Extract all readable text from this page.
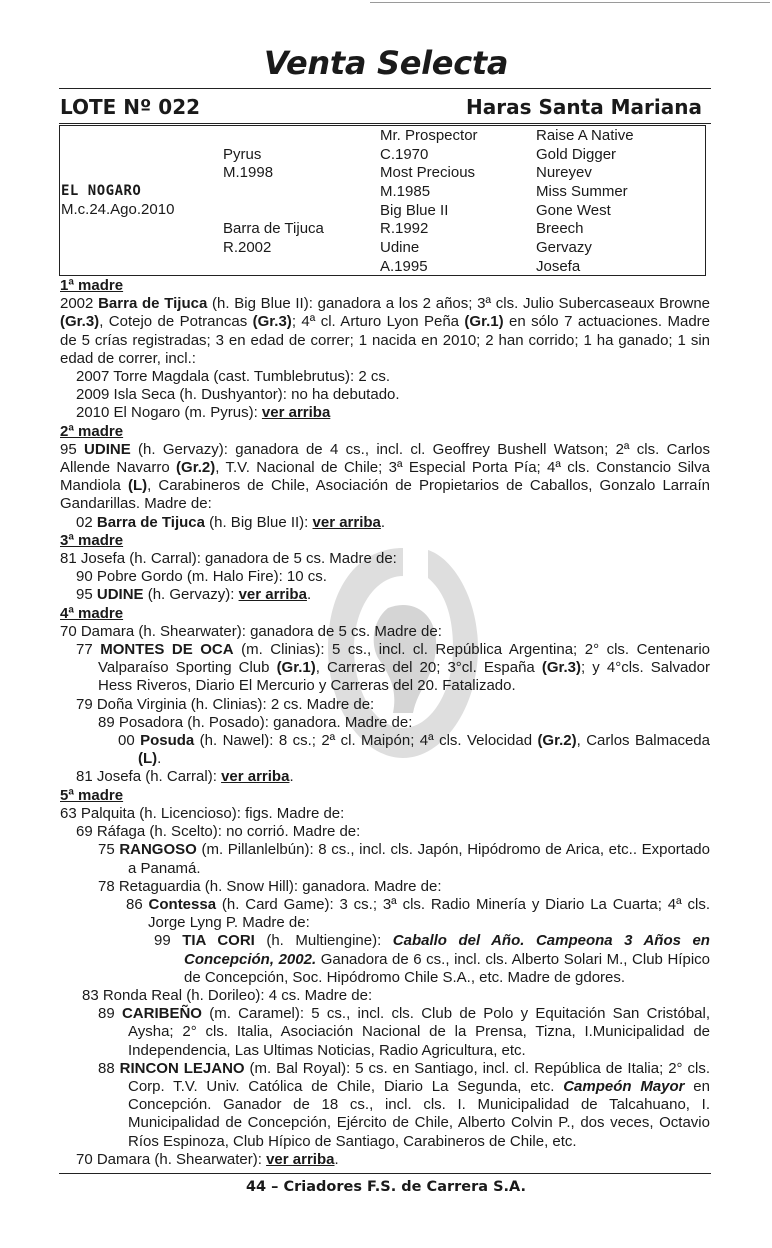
Venta Selecta
LOTE Nº 022	Haras Santa Mariana
EL NOGARO
M.c.24.Ago.2010
Pyrus
M.1998
Barra de Tijuca
R.2002
Mr. Prospector
C.1970
Most Precious
M.1985
Big Blue II
R.1992
Udine
A.1995
Raise A Native
Gold Digger
Nureyev
Miss Summer
Gone West
Breech
Gervazy
Josefa

1ª madre

2002 Barra de Tijuca (h. Big Blue II): ganadora a los 2 años; 3ª cls. Julio Subercaseaux Browne (Gr.3), Cotejo de Potrancas (Gr.3); 4ª cl. Arturo Lyon Peña (Gr.1) en sólo 7 actuaciones. Madre de 5 crías registradas; 3 en edad de correr; 1 nacida en 2010; 2 han corrido; 1 ha ganado; 1 sin edad de correr, incl.:

2007 Torre Magdala (cast. Tumblebrutus): 2 cs.

2009 Isla Seca (h. Dushyantor): no ha debutado.

2010 El Nogaro (m. Pyrus): ver arriba

2ª madre

95 UDINE (h. Gervazy): ganadora de 4 cs., incl. cl. Geoffrey Bushell Watson; 2ª cls. Carlos Allende Navarro (Gr.2), T.V. Nacional de Chile; 3ª Especial Porta Pía; 4ª cls. Constancio Silva Mandiola (L), Carabineros de Chile, Asociación de Propietarios de Caballos, Gonzalo Larraín Gandarillas. Madre de:

02 Barra de Tijuca (h. Big Blue II): ver arriba.

3ª madre

81 Josefa (h. Carral): ganadora de 5 cs. Madre de:

90 Pobre Gordo (m. Halo Fire): 10 cs.

95 UDINE (h. Gervazy): ver arriba.

4ª madre

70 Damara (h. Shearwater): ganadora de 5 cs. Madre de:

77 MONTES DE OCA (m. Clinias): 5 cs., incl. cl. República Argentina; 2° cls. Centenario Valparaíso Sporting Club (Gr.1), Carreras del 20; 3°cl. España (Gr.3); y 4°cls. Salvador Hess Riveros, Diario El Mercurio y Carreras del 20. Fatalizado.

79 Doña Virginia (h. Clinias): 2 cs. Madre de:

89 Posadora (h. Posado): ganadora. Madre de:

00 Posuda (h. Nawel): 8 cs.; 2ª cl. Maipón; 4ª cls. Velocidad (Gr.2), Carlos Balmaceda (L).

81 Josefa (h. Carral): ver arriba.

5ª madre

63 Palquita (h. Licencioso): figs. Madre de:

69 Ráfaga (h. Scelto): no corrió. Madre de:

75 RANGOSO (m. Pillanlelbún): 8 cs., incl. cls. Japón, Hipódromo de Arica, etc.. Exportado a Panamá.

78 Retaguardia (h. Snow Hill): ganadora. Madre de:

86 Contessa (h. Card Game): 3 cs.; 3ª cls. Radio Minería y Diario La Cuarta; 4ª cls. Jorge Lyng P. Madre de:

99 TIA CORI (h. Multiengine): Caballo del Año. Campeona 3 Años en Concepción, 2002. Ganadora de 6 cs., incl. cls. Alberto Solari M., Club Hípico de Concepción, Soc. Hipódromo Chile S.A., etc. Madre de gdores.

83 Ronda Real (h. Dorileo): 4 cs. Madre de:

89 CARIBEÑO (m. Caramel): 5 cs., incl. cls. Club de Polo y Equitación San Cristóbal, Aysha; 2° cls. Italia, Asociación Nacional de la Prensa, Tizna, I.Municipalidad de Independencia, Las Ultimas Noticias, Radio Agricultura, etc.

88 RINCON LEJANO (m. Bal Royal): 5 cs. en Santiago, incl. cl. República de Italia; 2° cls. Corp. T.V. Univ. Católica de Chile, Diario La Segunda, etc. Campeón Mayor en Concepción. Ganador de 18 cs., incl. cls. I. Municipalidad de Talcahuano, I. Municipalidad de Concepción, Ejército de Chile, Alberto Colvin P., dos veces, Octavio Ríos Espinoza, Club Hípico de Santiago, Carabineros de Chile, etc.

70 Damara (h. Shearwater): ver arriba.

44 – Criadores F.S. de Carrera S.A.
